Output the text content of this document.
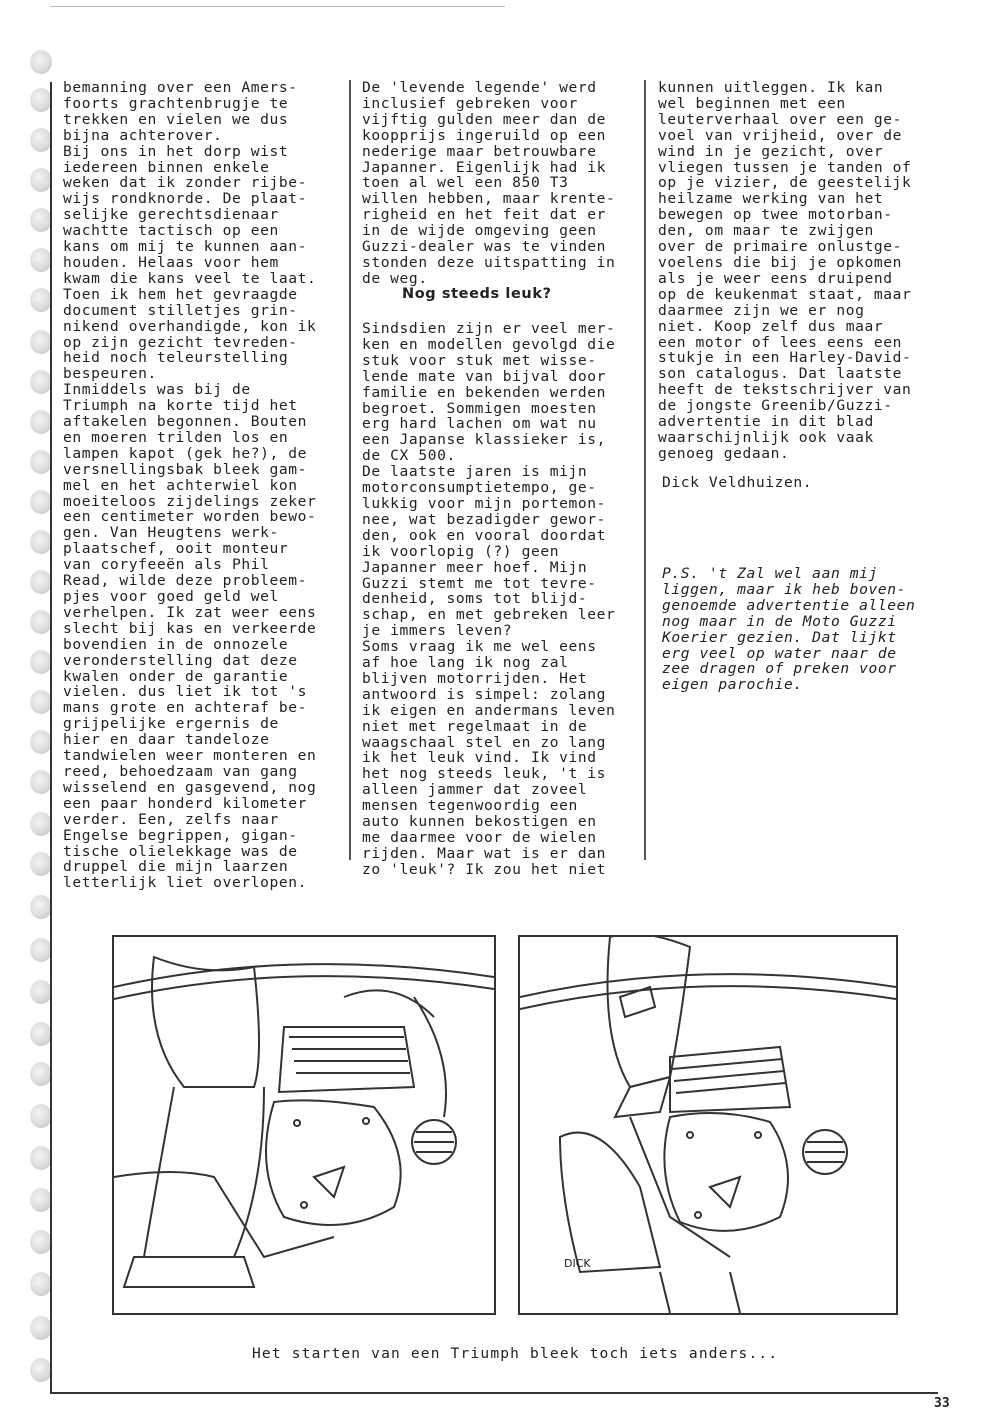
bemanning over een Amers-
foorts grachtenbrugje te
trekken en vielen we dus
bijna achterover.
Bij ons in het dorp wist
iedereen binnen enkele
weken dat ik zonder rijbe-
wijs rondknorde. De plaat-
selijke gerechtsdienaar
wachtte tactisch op een
kans om mij te kunnen aan-
houden. Helaas voor hem
kwam die kans veel te laat.
Toen ik hem het gevraagde
document stilletjes grin-
nikend overhandigde, kon ik
op zijn gezicht tevreden-
heid noch teleurstelling
bespeuren.
Inmiddels was bij de
Triumph na korte tijd het
aftakelen begonnen. Bouten
en moeren trilden los en
lampen kapot (gek he?), de
versnellingsbak bleek gam-
mel en het achterwiel kon
moeiteloos zijdelings zeker
een centimeter worden bewo-
gen. Van Heugtens werk-
plaatschef, ooit monteur
van coryfeeën als Phil
Read, wilde deze probleem-
pjes voor goed geld wel
verhelpen. Ik zat weer eens
slecht bij kas en verkeerde
bovendien in de onnozele
veronderstelling dat deze
kwalen onder de garantie
vielen. dus liet ik tot 's
mans grote en achteraf be-
grijpelijke ergernis de
hier en daar tandeloze
tandwielen weer monteren en
reed, behoedzaam van gang
wisselend en gasgevend, nog
een paar honderd kilometer
verder. Een, zelfs naar
Engelse begrippen, gigan-
tische olielekkage was de
druppel die mijn laarzen
letterlijk liet overlopen.
De 'levende legende' werd
inclusief gebreken voor
vijftig gulden meer dan de
koopprijs ingeruild op een
nederige maar betrouwbare
Japanner. Eigenlijk had ik
toen al wel een 850 T3
willen hebben, maar krente-
righeid en het feit dat er
in de wijde omgeving geen
Guzzi-dealer was te vinden
stonden deze uitspatting in
de weg.
Nog steeds leuk?
Sindsdien zijn er veel mer-
ken en modellen gevolgd die
stuk voor stuk met wisse-
lende mate van bijval door
familie en bekenden werden
begroet. Sommigen moesten
erg hard lachen om wat nu
een Japanse klassieker is,
de CX 500.
De laatste jaren is mijn
motorconsumptietempo, ge-
lukkig voor mijn portemon-
nee, wat bezadigder gewor-
den, ook en vooral doordat
ik voorlopig (?) geen
Japanner meer hoef. Mijn
Guzzi stemt me tot tevre-
denheid, soms tot blijd-
schap, en met gebreken leer
je immers leven?
Soms vraag ik me wel eens
af hoe lang ik nog zal
blijven motorrijden. Het
antwoord is simpel: zolang
ik eigen en andermans leven
niet met regelmaat in de
waagschaal stel en zo lang
ik het leuk vind. Ik vind
het nog steeds leuk, 't is
alleen jammer dat zoveel
mensen tegenwoordig een
auto kunnen bekostigen en
me daarmee voor de wielen
rijden. Maar wat is er dan
zo 'leuk'? Ik zou het niet
kunnen uitleggen. Ik kan
wel beginnen met een
leuterverhaal over een ge-
voel van vrijheid, over de
wind in je gezicht, over
vliegen tussen je tanden of
op je vizier, de geestelijk
heilzame werking van het
bewegen op twee motorban-
den, om maar te zwijgen
over de primaire onlustge-
voelens die bij je opkomen
als je weer eens druipend
op de keukenmat staat, maar
daarmee zijn we er nog
niet. Koop zelf dus maar
een motor of lees eens een
stukje in een Harley-David-
son catalogus. Dat laatste
heeft de tekstschrijver van
de jongste Greenib/Guzzi-
advertentie in dit blad
waarschijnlijk ook vaak
genoeg gedaan.
Dick Veldhuizen.
P.S. 't Zal wel aan mij
liggen, maar ik heb boven-
genoemde advertentie alleen
nog maar in de Moto Guzzi
Koerier gezien. Dat lijkt
erg veel op water naar de
zee dragen of preken voor
eigen parochie.
DICK
Het starten van een Triumph bleek toch iets anders...
33
